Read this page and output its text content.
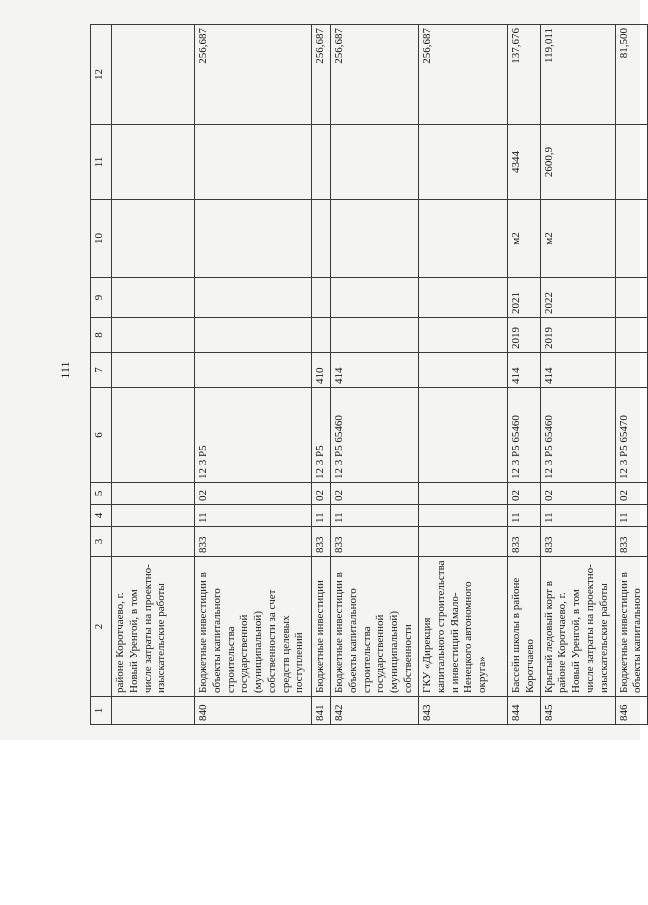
111
1	2	3	4	5	6	7	8	9	10	11	12
	районе Коротчаево, г. Новый Уренгой, в том числе затраты на проектно-изыскательские работы										
840	Бюджетные инвестиции в объекты капитального строительства государственной (муниципальной) собственности за счет средств целевых поступлений	833	11	02	12 3 P5						256,687
841	Бюджетные инвестиции	833	11	02	12 3 P5	410					256,687
842	Бюджетные инвестиции в объекты капитального строительства государственной (муниципальной) собственности	833	11	02	12 3 P5 65460	414					256,687
843	ГКУ «Дирекция капитального строительства и инвестиций Ямало-Ненецкого автономного округа»										256,687
844	Бассейн школы в районе Коротчаево	833	11	02	12 3 P5 65460	414	2019	2021	м2	4344	137,676
845	Крытый ледовый корт в районе Коротчаево, г. Новый Уренгой, в том числе затраты на проектно-изыскательские работы	833	11	02	12 3 P5 65460	414	2019	2022	м2	2600,9	119,011
846	Бюджетные инвестиции в объекты капитального	833	11	02	12 3 P5 65470						81,500
